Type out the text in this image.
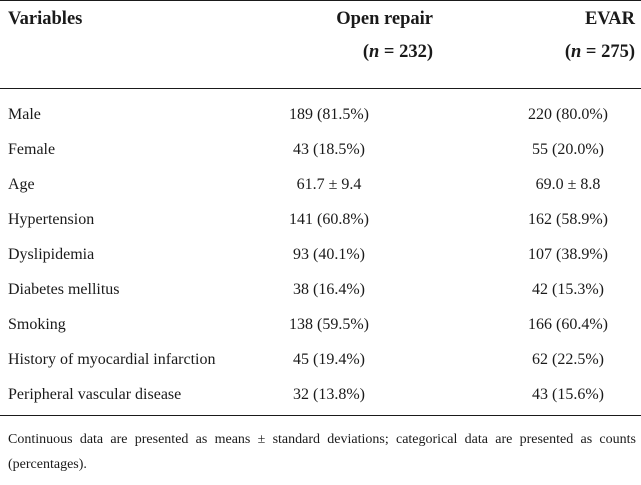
Variables	Open repair	EVAR
(n = 232)	(n = 275)
Male	189 (81.5%)	220 (80.0%)
Female	43 (18.5%)	55 (20.0%)
Age	61.7 ± 9.4	69.0 ± 8.8
Hypertension	141 (60.8%)	162 (58.9%)
Dyslipidemia	93 (40.1%)	107 (38.9%)
Diabetes mellitus	38 (16.4%)	42 (15.3%)
Smoking	138 (59.5%)	166 (60.4%)
History of myocardial infarction	45 (19.4%)	62 (22.5%)
Peripheral vascular disease	32 (13.8%)	43 (15.6%)
Continuous data are presented as means ± standard deviations; categorical data are presented as counts (percentages).
